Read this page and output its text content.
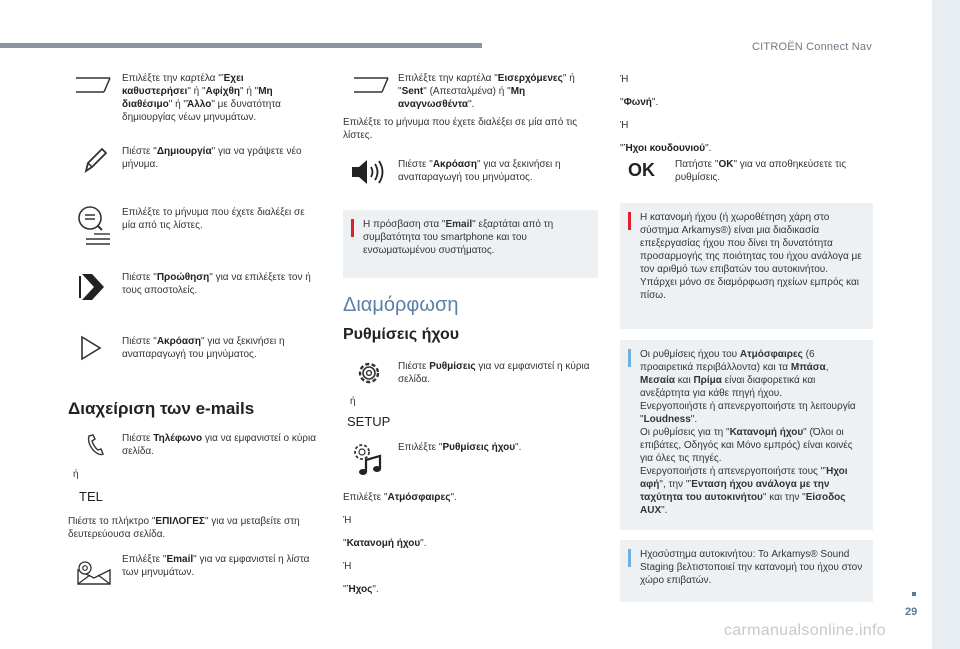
CITROËN Connect Nav
29
Επιλέξτε την καρτέλα "Έχει καθυστερήσει" ή "Αφίχθη" ή "Μη διαθέσιμο" ή "Άλλο" με δυνατότητα δημιουργίας νέων μηνυμάτων.
Πιέστε "Δημιουργία" για να γράψετε νέο μήνυμα.
Επιλέξτε το μήνυμα που έχετε διαλέξει σε μία από τις λίστες.
Πιέστε "Προώθηση" για να επιλέξετε τον ή τους αποστολείς.
Πιέστε "Ακρόαση" για να ξεκινήσει η αναπαραγωγή του μηνύματος.
Διαχείριση των e-mails
Πιέστε Τηλέφωνο για να εμφανιστεί ο κύρια σελίδα.
ή
TEL
Πιέστε το πλήκτρο "ΕΠΙΛΟΓΕΣ" για να μεταβείτε στη δευτερεύουσα σελίδα.
Επιλέξτε "Email" για να εμφανιστεί η λίστα των μηνυμάτων.
Επιλέξτε την καρτέλα "Εισερχόμενες" ή "Sent" (Απεσταλμένα) ή "Μη αναγνωσθέντα".
Επιλέξτε το μήνυμα που έχετε διαλέξει σε μία από τις λίστες.
Πιέστε "Ακρόαση" για να ξεκινήσει η αναπαραγωγή του μηνύματος.
Η πρόσβαση στα "Email" εξαρτάται από τη συμβατότητα του smartphone και του ενσωματωμένου συστήματος.
Διαμόρφωση
Ρυθμίσεις ήχου
Πιέστε Ρυθμίσεις για να εμφανιστεί η κύρια σελίδα.
ή
SETUP
Επιλέξτε "Ρυθμίσεις ήχου".
Επιλέξτε "Ατμόσφαιρες".
Ή
"Κατανομή ήχου".
Ή
"Ήχος".
Ή
"Φωνή".
Ή
"Ήχοι κουδουνιού".
OK Πατήστε "OK" για να αποθηκεύσετε τις ρυθμίσεις.
Η κατανομή ήχου (ή χωροθέτηση χάρη στο σύστημα Arkamys®) είναι μια διαδικασία επεξεργασίας ήχου που δίνει τη δυνατότητα προσαρμογής της ποιότητας του ήχου ανάλογα με τον αριθμό των επιβατών του αυτοκινήτου. Υπάρχει μόνο σε διαμόρφωση ηχείων εμπρός και πίσω.
Οι ρυθμίσεις ήχου του Ατμόσφαιρες (6 προαιρετικά περιβάλλοντα) και τα Μπάσα, Μεσαία και Πρίμα είναι διαφορετικά και ανεξάρτητα για κάθε πηγή ήχου.
Ενεργοποιήστε ή απενεργοποιήστε τη λειτουργία "Loudness".
Οι ρυθμίσεις για τη "Κατανομή ήχου" (Όλοι οι επιβάτες, Οδηγός και Μόνο εμπρός) είναι κοινές για όλες τις πηγές.
Ενεργοποιήστε ή απενεργοποιήστε τους "Ήχοι αφή", την "Ένταση ήχου ανάλογα με την ταχύτητα του αυτοκινήτου" και την "Είσοδος AUX".
Ηχοσύστημα αυτοκινήτου: Το Arkamys® Sound Staging βελτιστοποιεί την κατανομή του ήχου στον χώρο επιβατών.
carmanualsonline.info
